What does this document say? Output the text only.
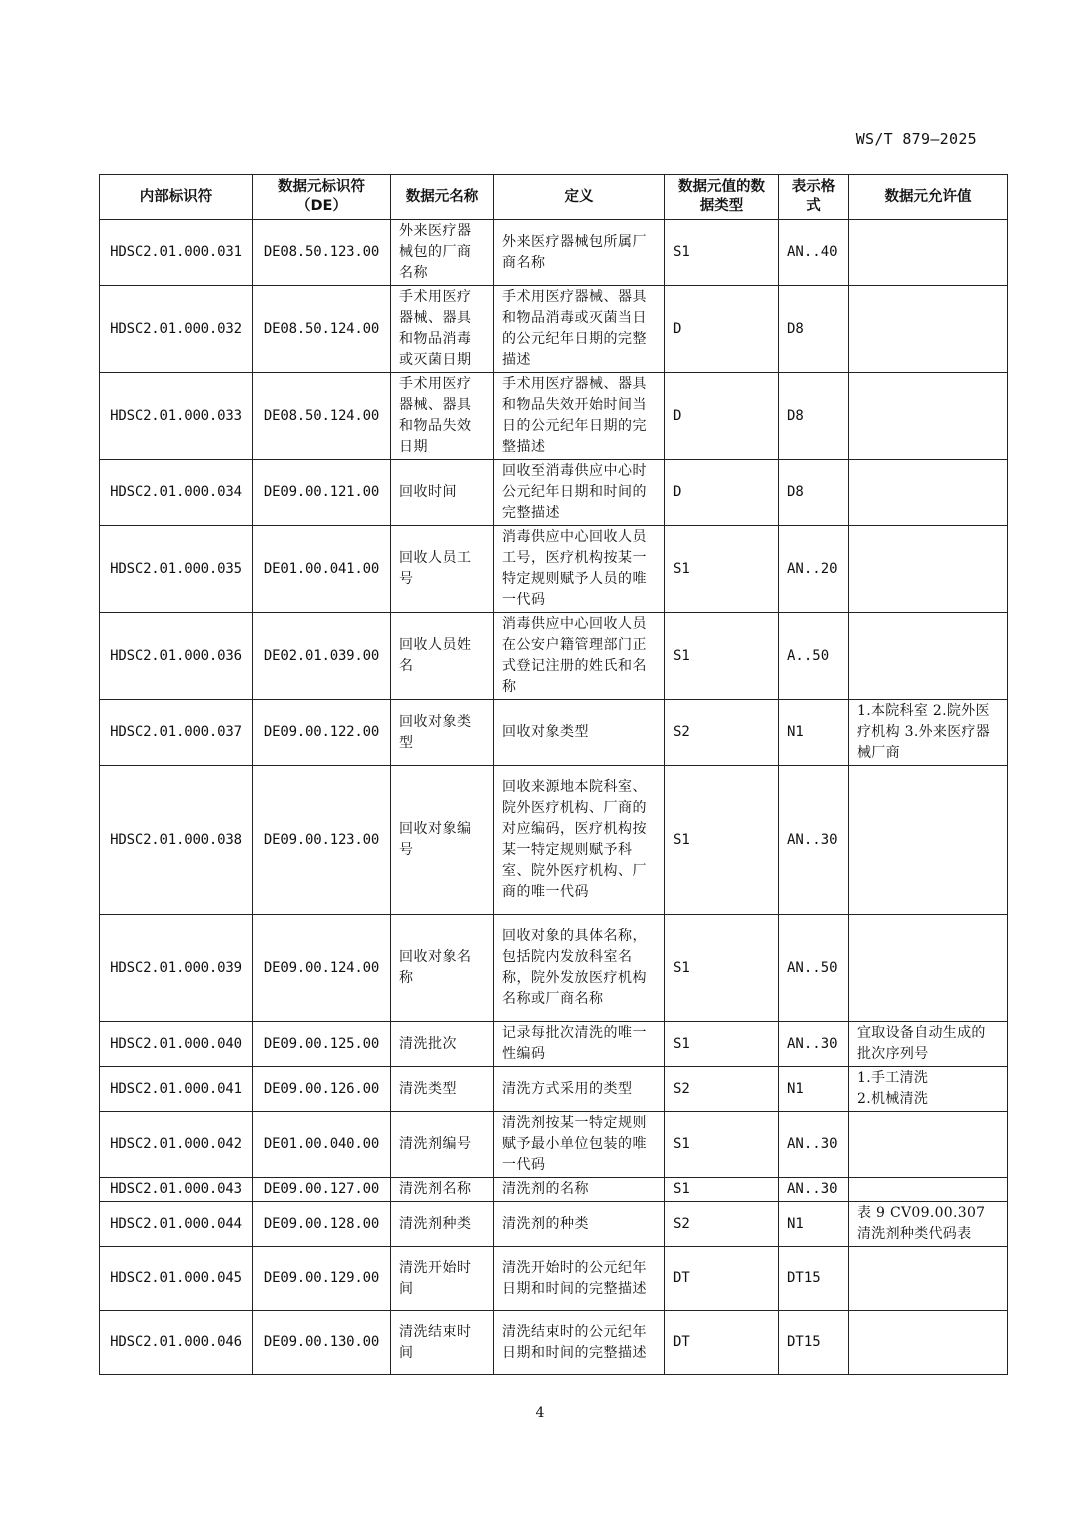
WS/T 879—2025
内部标识符	数据元标识符（DE）	数据元名称	定义	数据元值的数据类型	表示格式	数据元允许值
HDSC2.01.000.031	DE08.50.123.00	外来医疗器械包的厂商名称	外来医疗器械包所属厂商名称	S1	AN..40	
HDSC2.01.000.032	DE08.50.124.00	手术用医疗器械、器具和物品消毒或灭菌日期	手术用医疗器械、器具和物品消毒或灭菌当日的公元纪年日期的完整描述	D	D8	
HDSC2.01.000.033	DE08.50.124.00	手术用医疗器械、器具和物品失效日期	手术用医疗器械、器具和物品失效开始时间当日的公元纪年日期的完整描述	D	D8	
HDSC2.01.000.034	DE09.00.121.00	回收时间	回收至消毒供应中心时公元纪年日期和时间的完整描述	D	D8	
HDSC2.01.000.035	DE01.00.041.00	回收人员工号	消毒供应中心回收人员工号，医疗机构按某一特定规则赋予人员的唯一代码	S1	AN..20	
HDSC2.01.000.036	DE02.01.039.00	回收人员姓名	消毒供应中心回收人员在公安户籍管理部门正式登记注册的姓氏和名称	S1	A..50	
HDSC2.01.000.037	DE09.00.122.00	回收对象类型	回收对象类型	S2	N1	1.本院科室 2.院外医疗机构 3.外来医疗器械厂商
HDSC2.01.000.038	DE09.00.123.00	回收对象编号	回收来源地本院科室、院外医疗机构、厂商的对应编码，医疗机构按某一特定规则赋予科室、院外医疗机构、厂商的唯一代码	S1	AN..30	
HDSC2.01.000.039	DE09.00.124.00	回收对象名称	回收对象的具体名称，包括院内发放科室名称，院外发放医疗机构名称或厂商名称	S1	AN..50	
HDSC2.01.000.040	DE09.00.125.00	清洗批次	记录每批次清洗的唯一性编码	S1	AN..30	宜取设备自动生成的批次序列号
HDSC2.01.000.041	DE09.00.126.00	清洗类型	清洗方式采用的类型	S2	N1	1.手工清洗
2.机械清洗
HDSC2.01.000.042	DE01.00.040.00	清洗剂编号	清洗剂按某一特定规则赋予最小单位包装的唯一代码	S1	AN..30	
HDSC2.01.000.043	DE09.00.127.00	清洗剂名称	清洗剂的名称	S1	AN..30	
HDSC2.01.000.044	DE09.00.128.00	清洗剂种类	清洗剂的种类	S2	N1	表 9 CV09.00.307 清洗剂种类代码表
HDSC2.01.000.045	DE09.00.129.00	清洗开始时间	清洗开始时的公元纪年日期和时间的完整描述	DT	DT15	
HDSC2.01.000.046	DE09.00.130.00	清洗结束时间	清洗结束时的公元纪年日期和时间的完整描述	DT	DT15	
4
